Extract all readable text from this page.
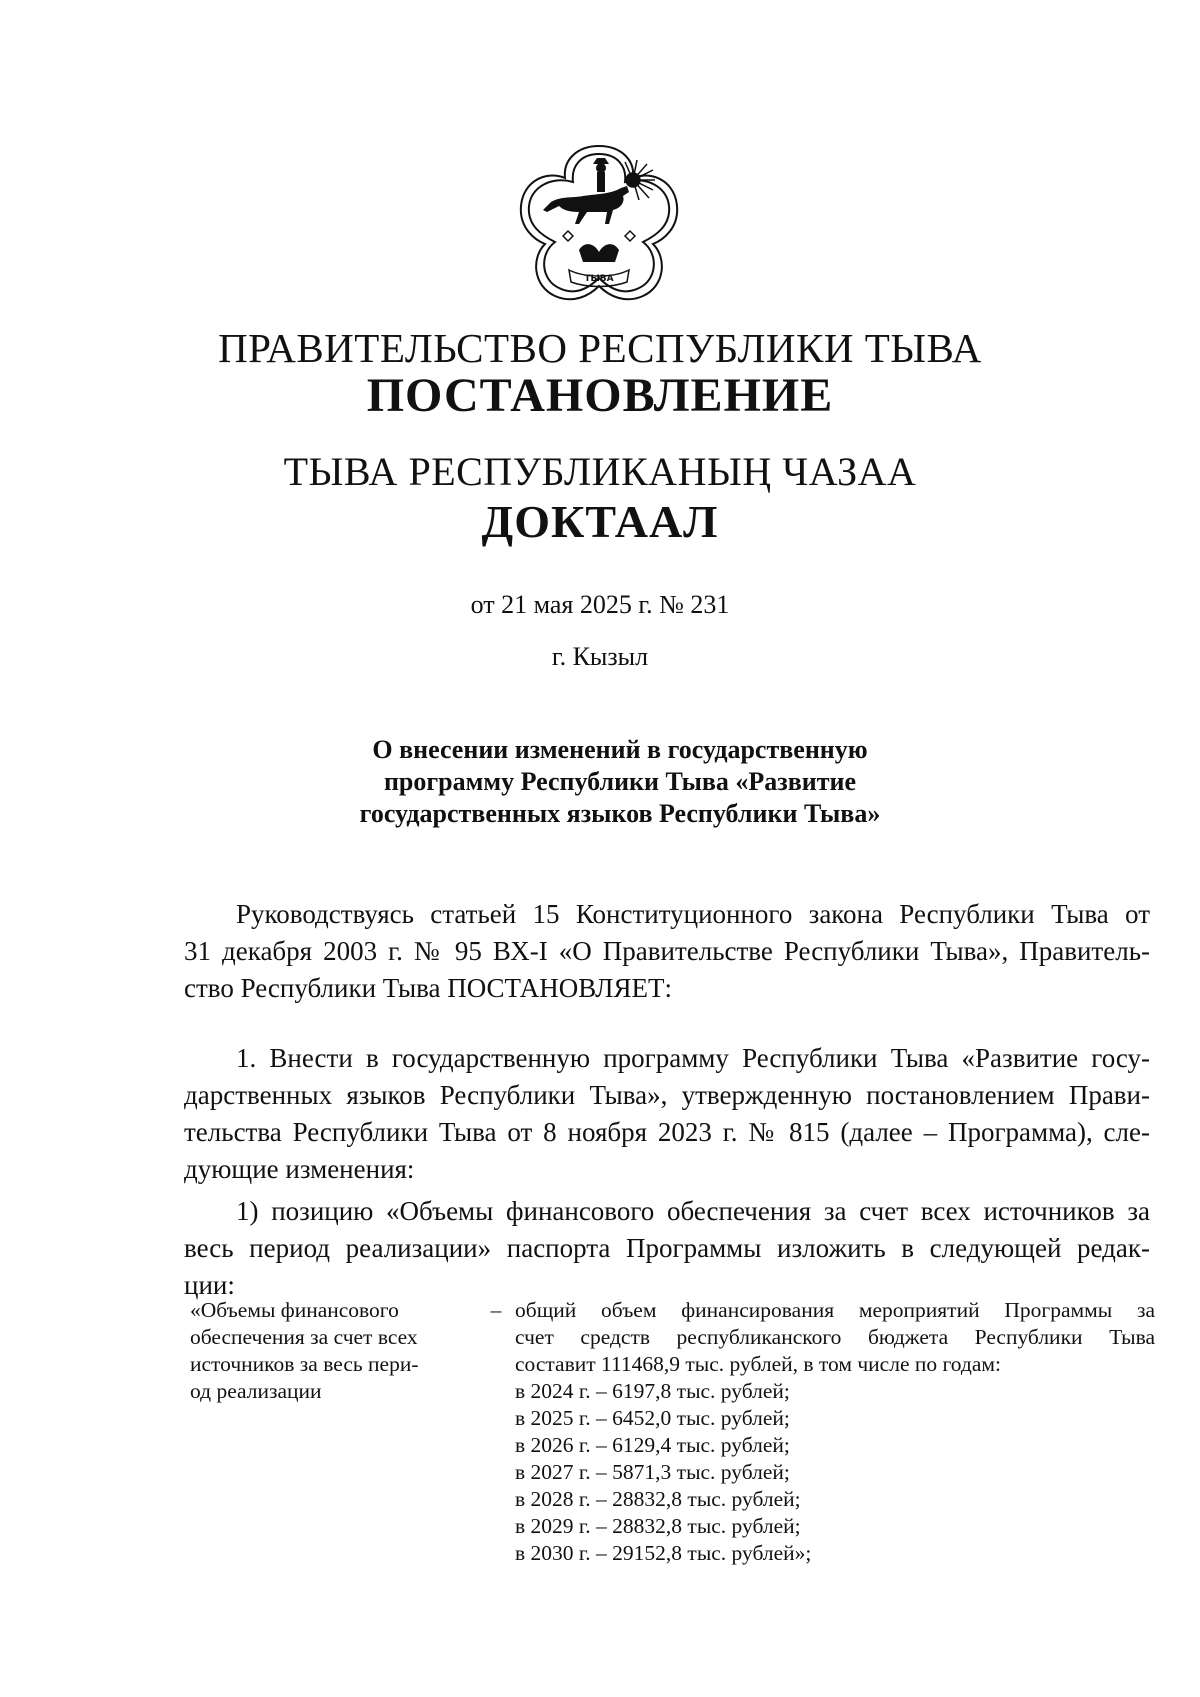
ТЫВА
ПРАВИТЕЛЬСТВО РЕСПУБЛИКИ ТЫВА
ПОСТАНОВЛЕНИЕ
ТЫВА РЕСПУБЛИКАНЫҢ ЧАЗАА
ДОКТААЛ
от 21 мая 2025 г. № 231
г. Кызыл
О внесении изменений в государственную
программу Республики Тыва «Развитие
государственных языков Республики Тыва»
Руководствуясь статьей 15 Конституционного закона Республики Тыва от
31 декабря 2003 г. № 95 ВХ-I «О Правительстве Республики Тыва», Правитель-
ство Республики Тыва ПОСТАНОВЛЯЕТ:
1. Внести в государственную программу Республики Тыва «Развитие госу-
дарственных языков Республики Тыва», утвержденную постановлением Прави-
тельства Республики Тыва от 8 ноября 2023 г. № 815 (далее – Программа), сле-
дующие изменения:
1) позицию «Объемы финансового обеспечения за счет всех источников за
весь период реализации» паспорта Программы изложить в следующей редак-
ции:
«Объемы финансового
обеспечения за счет всех
источников за весь пери-
од реализации
– общий объем финансирования мероприятий Программы за
счет средств республиканского бюджета Республики Тыва
составит 111468,9 тыс. рублей, в том числе по годам:
в 2024 г. – 6197,8 тыс. рублей;
в 2025 г. – 6452,0 тыс. рублей;
в 2026 г. – 6129,4 тыс. рублей;
в 2027 г. – 5871,3 тыс. рублей;
в 2028 г. – 28832,8 тыс. рублей;
в 2029 г. – 28832,8 тыс. рублей;
в 2030 г. – 29152,8 тыс. рублей»;
